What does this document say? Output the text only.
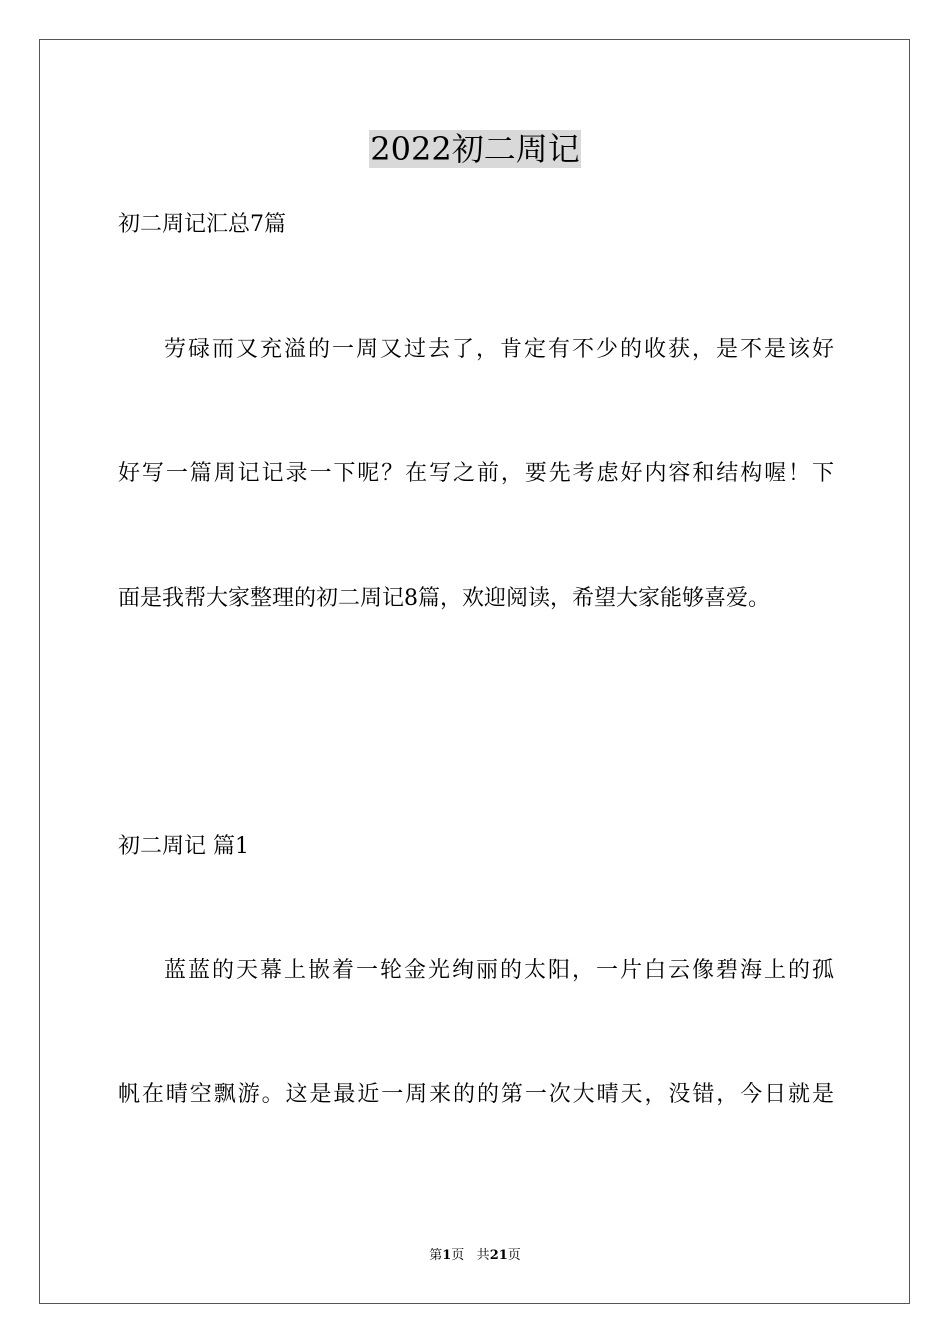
2022初二周记
初二周记汇总7篇
劳碌而又充溢的一周又过去了，肯定有不少的收获，是不是该好
好写一篇周记记录一下呢？在写之前，要先考虑好内容和结构喔！下
面是我帮大家整理的初二周记8篇，欢迎阅读，希望大家能够喜爱。
初二周记 篇1
蓝蓝的天幕上嵌着一轮金光绚丽的太阳，一片白云像碧海上的孤
帆在晴空飘游。这是最近一周来的的第一次大晴天，没错，今日就是
第1页 共21页
